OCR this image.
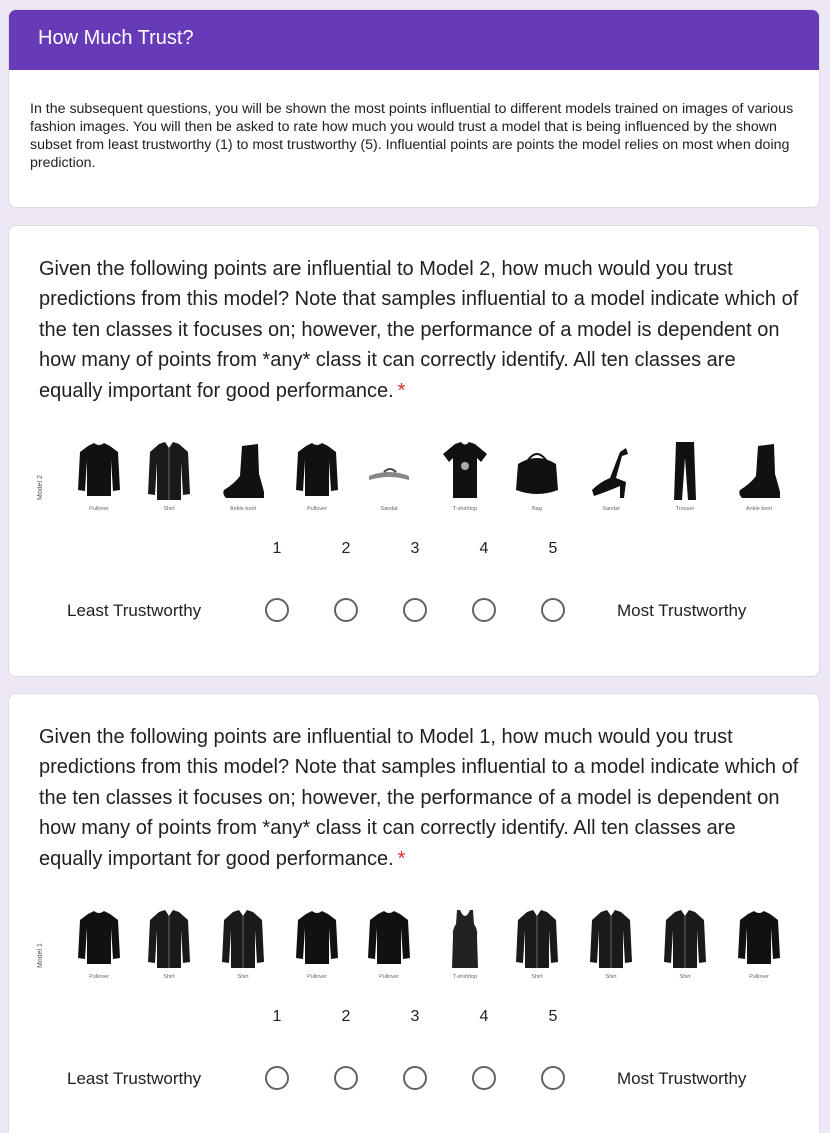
How Much Trust?
In the subsequent questions, you will be shown the most points influential to different models trained on images of various fashion images. You will then be asked to rate how much you would trust a model that is being influenced by the shown subset from least trustworthy (1) to most trustworthy (5). Influential points are points the model relies on most when doing prediction.
Given the following points are influential to Model 2, how much would you trust predictions from this model? Note that samples influential to a model indicate which of the ten classes it focuses on; however, the performance of a model is dependent on how many of points from *any* class it can correctly identify. All ten classes are equally important for good performance. *
Model 2
Pullover	Shirt	Ankle boot	Pullover	Sandal	T-shirt/top	Bag	Sandal	Trouser	Ankle boot
1	2	3	4	5
Least Trustworthy	Most Trustworthy
Given the following points are influential to Model 1, how much would you trust predictions from this model? Note that samples influential to a model indicate which of the ten classes it focuses on; however, the performance of a model is dependent on how many of points from *any* class it can correctly identify. All ten classes are equally important for good performance. *
Model 1
Pullover	Shirt	Shirt	Pullover	Pullover	T-shirt/top	Shirt	Shirt	Shirt	Pullover
1	2	3	4	5
Least Trustworthy	Most Trustworthy
